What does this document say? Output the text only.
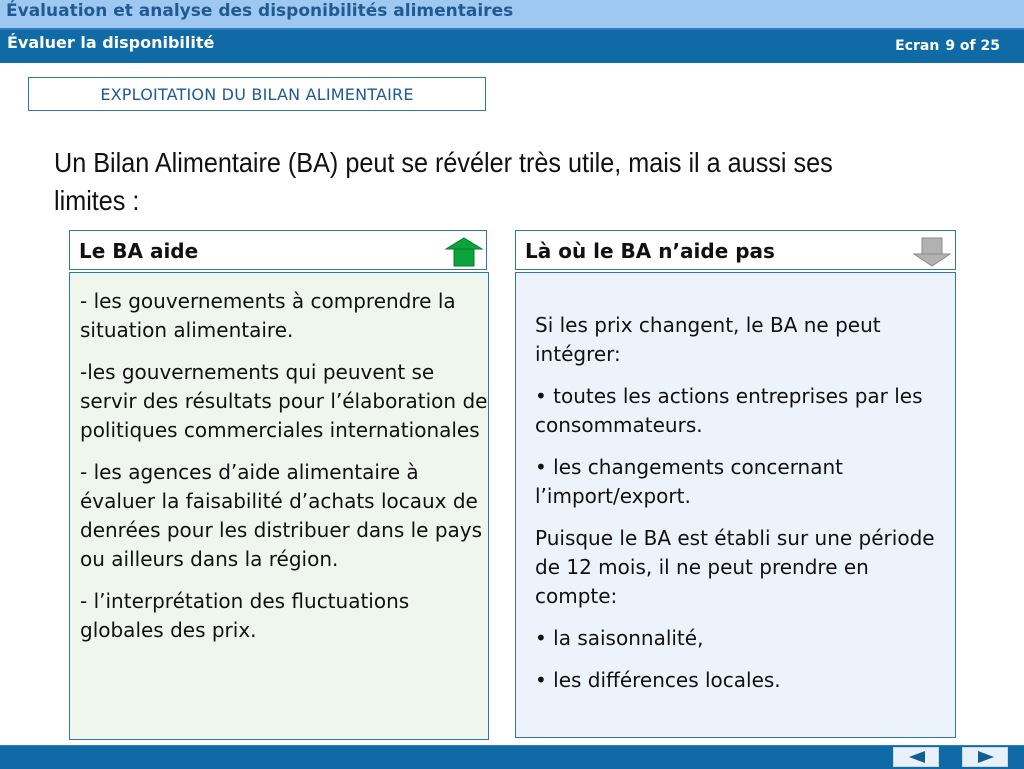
Évaluation et analyse des disponibilités alimentaires
Évaluer la disponibilité	Ecran 9 of 25
EXPLOITATION DU BILAN ALIMENTAIRE
Un Bilan Alimentaire (BA) peut se révéler très utile, mais il a aussi ses limites :
Le BA aide	Là où le BA n’aide pas

- les gouvernements à comprendre la situation alimentaire.

-les gouvernements qui peuvent se servir des résultats pour l’élaboration de politiques commerciales internationales

- les agences d’aide alimentaire à évaluer la faisabilité d’achats locaux de denrées pour les distribuer dans le pays ou ailleurs dans la région.

- l’interprétation des fluctuations globales des prix.

Si les prix changent, le BA ne peut intégrer:

• toutes les actions entreprises par les consommateurs.

• les changements concernant l’import/export.

Puisque le BA est établi sur une période de 12 mois, il ne peut prendre en compte:

• la saisonnalité,

• les différences locales.
